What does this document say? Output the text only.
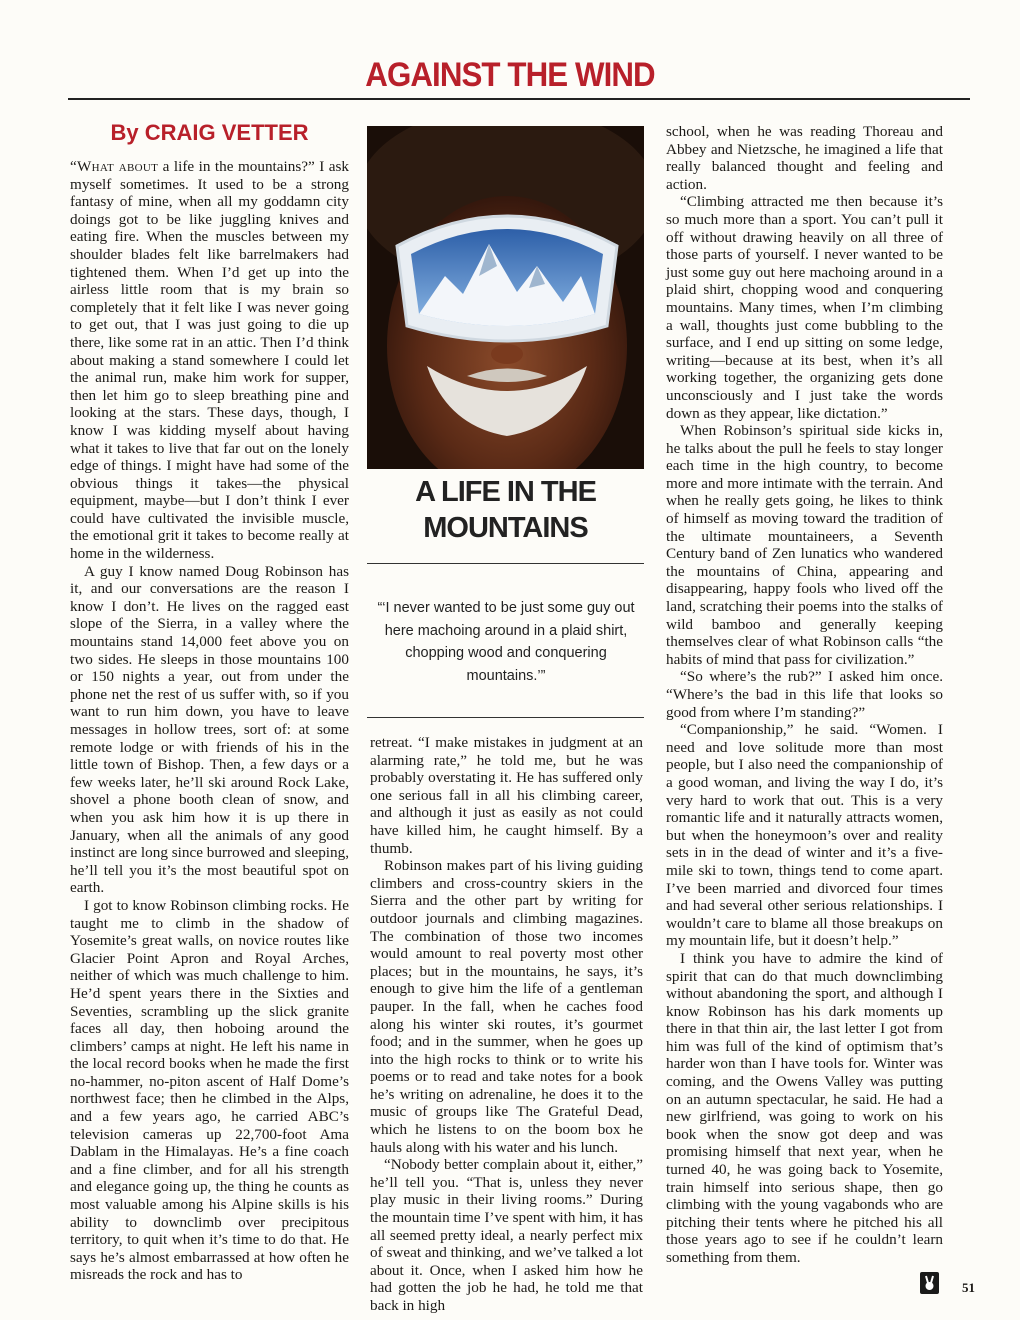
AGAINST THE WIND
By CRAIG VETTER

“What about a life in the mountains?” I ask myself sometimes. It used to be a strong fantasy of mine, when all my goddamn city doings got to be like juggling knives and eating fire. When the muscles between my shoulder blades felt like barrelmakers had tightened them. When I’d get up into the airless little room that is my brain so completely that it felt like I was never going to get out, that I was just going to die up there, like some rat in an attic. Then I’d think about making a stand somewhere I could let the animal run, make him work for supper, then let him go to sleep breathing pine and looking at the stars. These days, though, I know I was kidding myself about having what it takes to live that far out on the lonely edge of things. I might have had some of the obvious things it takes—the physical equipment, maybe—but I don’t think I ever could have cultivated the invisible muscle, the emotional grit it takes to become really at home in the wilderness.

A guy I know named Doug Robinson has it, and our conversations are the reason I know I don’t. He lives on the ragged east slope of the Sierra, in a valley where the mountains stand 14,000 feet above you on two sides. He sleeps in those mountains 100 or 150 nights a year, out from under the phone net the rest of us suffer with, so if you want to run him down, you have to leave messages in hollow trees, sort of: at some remote lodge or with friends of his in the little town of Bishop. Then, a few days or a few weeks later, he’ll ski around Rock Lake, shovel a phone booth clean of snow, and when you ask him how it is up there in January, when all the animals of any good instinct are long since burrowed and sleeping, he’ll tell you it’s the most beautiful spot on earth.

I got to know Robinson climbing rocks. He taught me to climb in the shadow of Yosemite’s great walls, on novice routes like Glacier Point Apron and Royal Arches, neither of which was much challenge to him. He’d spent years there in the Sixties and Seventies, scrambling up the slick granite faces all day, then hoboing around the climbers’ camps at night. He left his name in the local record books when he made the first no-hammer, no-piton ascent of Half Dome’s northwest face; then he climbed in the Alps, and a few years ago, he carried ABC’s television cameras up 22,700-foot Ama Dablam in the Himalayas. He’s a fine coach and a fine climber, and for all his strength and elegance going up, the thing he counts as most valuable among his Alpine skills is his ability to downclimb over precipitous territory, to quit when it’s time to do that. He says he’s almost embarrassed at how often he misreads the rock and has to

A LIFE IN THE
MOUNTAINS

“‘I never wanted to be just some guy out here machoing around in a plaid shirt, chopping wood and conquering mountains.’”

retreat. “I make mistakes in judgment at an alarming rate,” he told me, but he was probably overstating it. He has suffered only one serious fall in all his climbing career, and although it just as easily as not could have killed him, he caught himself. By a thumb.

Robinson makes part of his living guiding climbers and cross-country skiers in the Sierra and the other part by writing for outdoor journals and climbing magazines. The combination of those two incomes would amount to real poverty most other places; but in the mountains, he says, it’s enough to give him the life of a gentleman pauper. In the fall, when he caches food along his winter ski routes, it’s gourmet food; and in the summer, when he goes up into the high rocks to think or to write his poems or to read and take notes for a book he’s writing on adrenaline, he does it to the music of groups like The Grateful Dead, which he listens to on the boom box he hauls along with his water and his lunch.

“Nobody better complain about it, either,” he’ll tell you. “That is, unless they never play music in their living rooms.” During the mountain time I’ve spent with him, it has all seemed pretty ideal, a nearly perfect mix of sweat and thinking, and we’ve talked a lot about it. Once, when I asked him how he had gotten the job he had, he told me that back in high

school, when he was reading Thoreau and Abbey and Nietzsche, he imagined a life that really balanced thought and feeling and action.

“Climbing attracted me then because it’s so much more than a sport. You can’t pull it off without drawing heavily on all three of those parts of yourself. I never wanted to be just some guy out here machoing around in a plaid shirt, chopping wood and conquering mountains. Many times, when I’m climbing a wall, thoughts just come bubbling to the surface, and I end up sitting on some ledge, writing—because at its best, when it’s all working together, the organizing gets done unconsciously and I just take the words down as they appear, like dictation.”

When Robinson’s spiritual side kicks in, he talks about the pull he feels to stay longer each time in the high country, to become more and more intimate with the terrain. And when he really gets going, he likes to think of himself as moving toward the tradition of the ultimate mountaineers, a Seventh Century band of Zen lunatics who wandered the mountains of China, appearing and disappearing, happy fools who lived off the land, scratching their poems into the stalks of wild bamboo and generally keeping themselves clear of what Robinson calls “the habits of mind that pass for civilization.”

“So where’s the rub?” I asked him once. “Where’s the bad in this life that looks so good from where I’m standing?”

“Companionship,” he said. “Women. I need and love solitude more than most people, but I also need the companionship of a good woman, and living the way I do, it’s very hard to work that out. This is a very romantic life and it naturally attracts women, but when the honeymoon’s over and reality sets in in the dead of winter and it’s a five-mile ski to town, things tend to come apart. I’ve been married and divorced four times and had several other serious relationships. I wouldn’t care to blame all those breakups on my mountain life, but it doesn’t help.”

I think you have to admire the kind of spirit that can do that much downclimbing without abandoning the sport, and although I know Robinson has his dark moments up there in that thin air, the last letter I got from him was full of the kind of optimism that’s harder won than I have tools for. Winter was coming, and the Owens Valley was putting on an autumn spectacular, he said. He had a new girlfriend, was going to work on his book when the snow got deep and was promising himself that next year, when he turned 40, he was going back to Yosemite, train himself into serious shape, then go climbing with the young vagabonds who are pitching their tents where he pitched his all those years ago to see if he couldn’t learn something from them.

51
